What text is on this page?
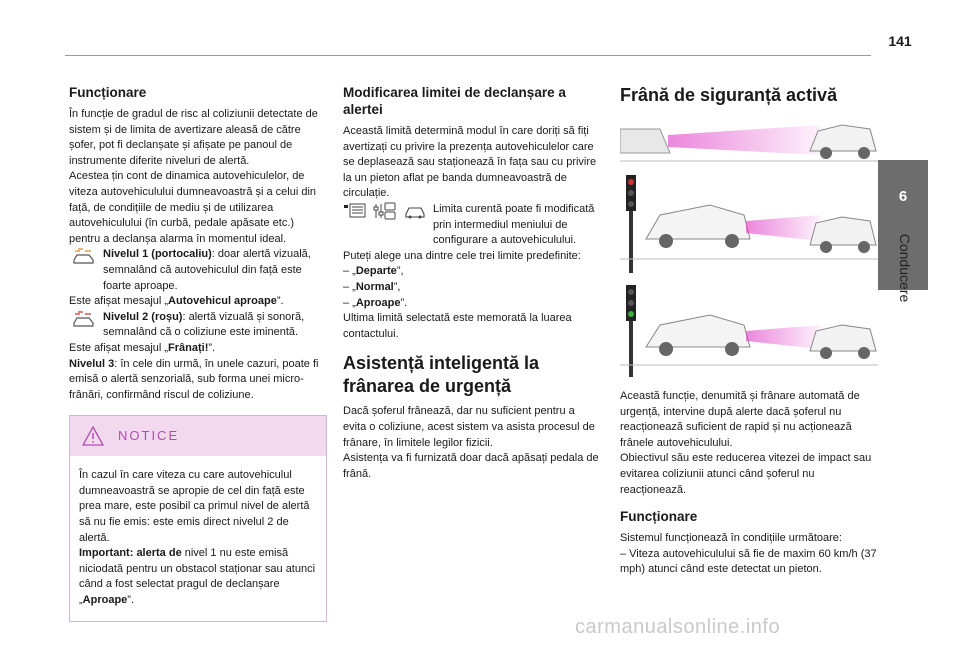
141
6
Conducere
Funcționare

În funcție de gradul de risc al coliziunii detectate de sistem și de limita de avertizare aleasă de către șofer, pot fi declanșate și afișate pe panoul de instrumente diferite niveluri de alertă.

Acestea țin cont de dinamica autovehiculelor, de viteza autovehiculului dumneavoastră și a celui din față, de condițiile de mediu și de utilizarea autovehiculului (în curbă, pedale apăsate etc.) pentru a declanșa alarma în momentul ideal.

Nivelul 1 (portocaliu): doar alertă vizuală, semnalând că autovehiculul din față este foarte aproape.

Este afișat mesajul „Autovehicul aproape”.

Nivelul 2 (roșu): alertă vizuală și sonoră, semnalând că o coliziune este iminentă.

Este afișat mesajul „Frânați!”.

Nivelul 3: în cele din urmă, în unele cazuri, poate fi emisă o alertă senzorială, sub forma unei micro-frânări, confirmând riscul de coliziune.

NOTICE

În cazul în care viteza cu care autovehiculul dumneavoastră se apropie de cel din față este prea mare, este posibil ca primul nivel de alertă să nu fie emis: este emis direct nivelul 2 de alertă.

Important: alerta de nivel 1 nu este emisă niciodată pentru un obstacol staționar sau atunci când a fost selectat pragul de declanșare „Aproape”.

Modificarea limitei de declanșare a alertei

Această limită determină modul în care doriți să fiți avertizați cu privire la prezența autovehiculelor care se deplasează sau staționează în fața sau cu privire la un pieton aflat pe banda dumneavoastră de circulație.

Limita curentă poate fi modificată prin intermediul meniului de configurare a autovehiculului.

Puteți alege una dintre cele trei limite predefinite:

– „Departe”,

– „Normal”,

– „Aproape”.

Ultima limită selectată este memorată la luarea contactului.

Asistență inteligentă la frânarea de urgență

Dacă șoferul frânează, dar nu suficient pentru a evita o coliziune, acest sistem va asista procesul de frânare, în limitele legilor fizicii.

Asistența va fi furnizată doar dacă apăsați pedala de frână.

Frână de siguranță activă

Această funcție, denumită și frânare automată de urgență, intervine după alerte dacă șoferul nu reacționează suficient de rapid și nu acționează frânele autovehiculului.

Obiectivul său este reducerea vitezei de impact sau evitarea coliziunii atunci când șoferul nu reacționează.

Funcționare

Sistemul funcționează în condițiile următoare:

– Viteza autovehiculului să fie de maxim 60 km/h (37 mph) atunci când este detectat un pieton.

carmanualsonline.info
